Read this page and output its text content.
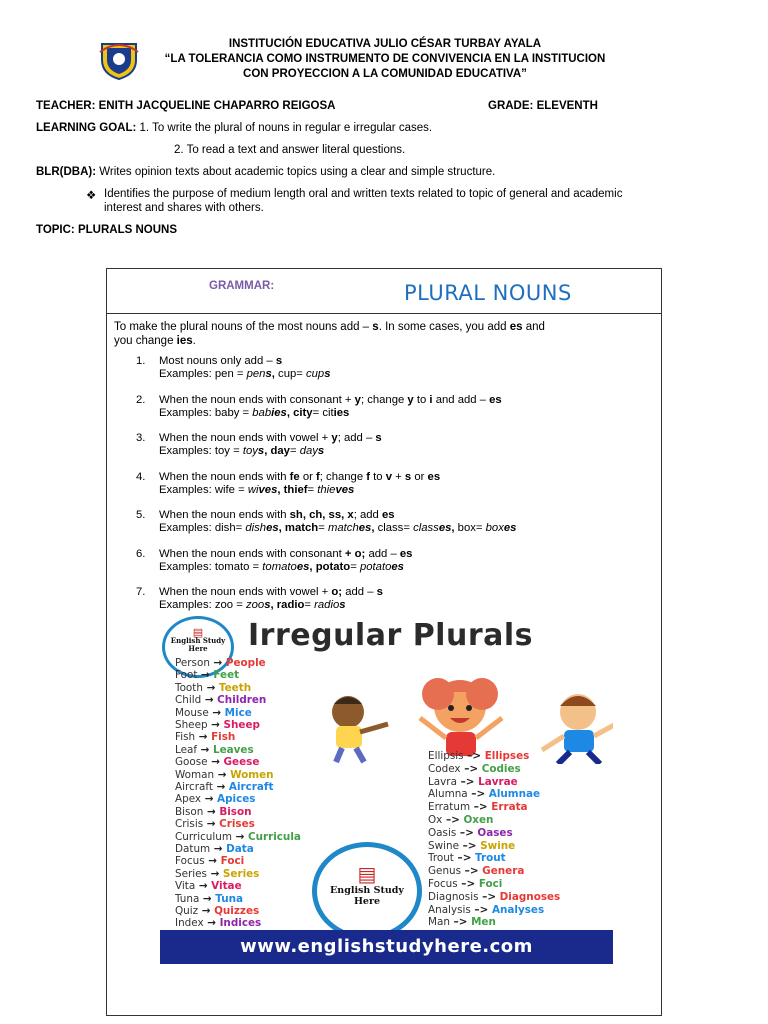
INSTITUCIÓN EDUCATIVA JULIO CÉSAR TURBAY AYALA
“LA TOLERANCIA COMO INSTRUMENTO DE CONVIVENCIA EN LA INSTITUCION
CON PROYECCION A LA COMUNIDAD EDUCATIVA”
TEACHER: ENITH JACQUELINE CHAPARRO REIGOSA	GRADE: ELEVENTH
LEARNING GOAL: 1. To write the plural of nouns in regular e irregular cases.
2. To read a text and answer literal questions.
BLR(DBA): Writes opinion texts about academic topics using a clear and simple structure.
❖ Identifies the purpose of medium length oral and written texts related to topic of general and academic
interest and shares with others.
TOPIC: PLURALS NOUNS
GRAMMAR:	PLURAL NOUNS
To make the plural nouns of the most nouns add – s. In some cases, you add es and
you change ies.
1. Most nouns only add – s
Examples: pen = pens, cup= cups
2. When the noun ends with consonant + y; change y to i and add – es
Examples: baby = babies, city= cities
3. When the noun ends with vowel + y; add – s
Examples: toy = toys, day= days
4. When the noun ends with fe or f; change f to v + s or es
Examples: wife = wives, thief= thieves
5. When the noun ends with sh, ch, ss, x; add es
Examples: dish= dishes, match= matches, class= classes, box= boxes
6. When the noun ends with consonant + o; add – es
Examples: tomato = tomatoes, potato= potatoes
7. When the noun ends with vowel + o; add – s
Examples: zoo = zoos, radio= radios
▤
English Study
Here	Irregular Plurals
Person → People
Foot → Feet
Tooth → Teeth
Child → Children
Mouse → Mice
Sheep → Sheep
Fish → Fish
Leaf → Leaves
Goose → Geese
Woman → Women
Aircraft → Aircraft
Apex → Apices
Bison → Bison
Crisis → Crises
Curriculum → Curricula
Datum → Data
Focus → Foci
Series → Series
Vita → Vitae
Tuna → Tuna
Quiz → Quizzes
Index → Indices
Ellipsis –> Ellipses
Codex –> Codies
Lavra –> Lavrae
Alumna –> Alumnae
Erratum –> Errata
Ox –> Oxen
Oasis –> Oases
Swine –> Swine
Trout –> Trout
Genus –> Genera
Focus –> Foci
Diagnosis –> Diagnoses
Analysis –> Analyses
Man –> Men
▤
English Study
Here
www.englishstudyhere.com
